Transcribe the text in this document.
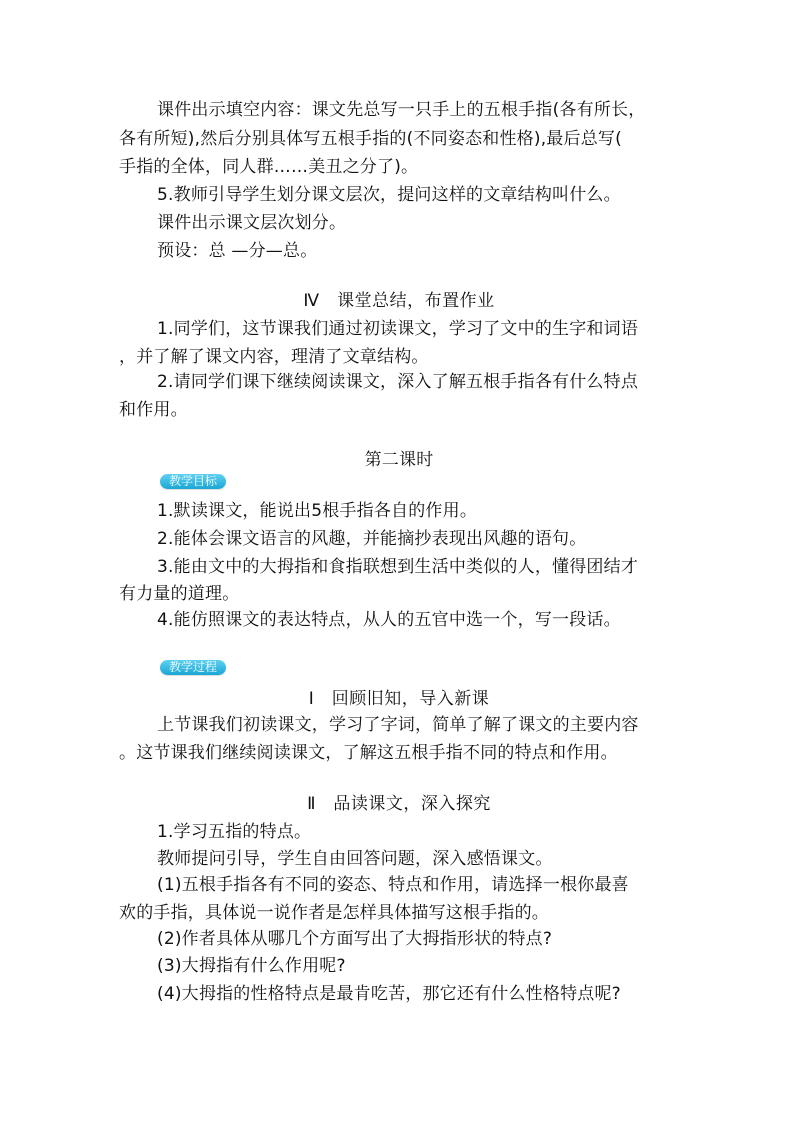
课件出示填空内容：课文先总写一只手上的五根手指(各有所长，
各有所短),然后分别具体写五根手指的(不同姿态和性格),最后总写(
手指的全体，同人群……美丑之分了)。
5.教师引导学生划分课文层次，提问这样的文章结构叫什么。
课件出示课文层次划分。
预设：总 —分—总。
Ⅳ　课堂总结，布置作业
1.同学们，这节课我们通过初读课文，学习了文中的生字和词语
，并了解了课文内容，理清了文章结构。
2.请同学们课下继续阅读课文，深入了解五根手指各有什么特点
和作用。
第二课时
教学目标
1.默读课文，能说出5根手指各自的作用。
2.能体会课文语言的风趣，并能摘抄表现出风趣的语句。
3.能由文中的大拇指和食指联想到生活中类似的人，懂得团结才
有力量的道理。
4.能仿照课文的表达特点，从人的五官中选一个，写一段话。
教学过程
Ⅰ　回顾旧知，导入新课
上节课我们初读课文，学习了字词，简单了解了课文的主要内容
。这节课我们继续阅读课文，了解这五根手指不同的特点和作用。
Ⅱ　品读课文，深入探究
1.学习五指的特点。
教师提问引导，学生自由回答问题，深入感悟课文。
(1)五根手指各有不同的姿态、特点和作用，请选择一根你最喜
欢的手指，具体说一说作者是怎样具体描写这根手指的。
(2)作者具体从哪几个方面写出了大拇指形状的特点?
(3)大拇指有什么作用呢?
(4)大拇指的性格特点是最肯吃苦，那它还有什么性格特点呢?
